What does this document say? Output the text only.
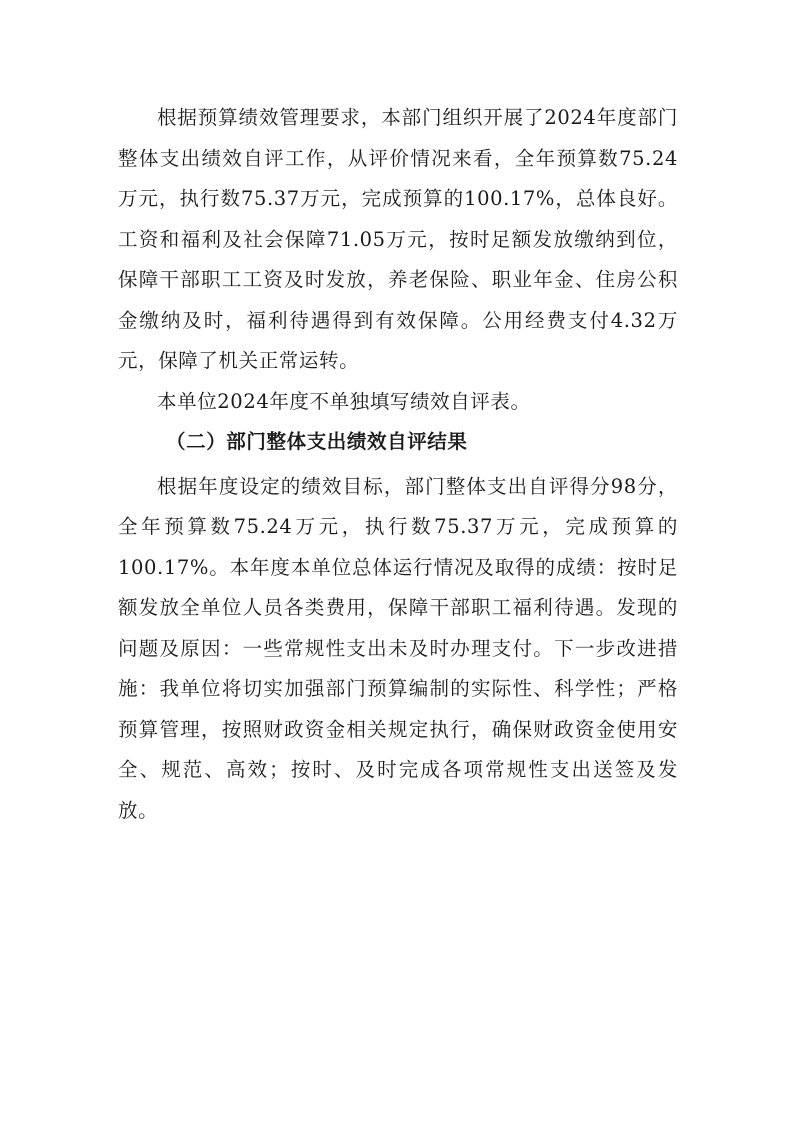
根据预算绩效管理要求，本部门组织开展了2024年度部门整体支出绩效自评工作，从评价情况来看，全年预算数75.24万元，执行数75.37万元，完成预算的100.17%，总体良好。工资和福利及社会保障71.05万元，按时足额发放缴纳到位，保障干部职工工资及时发放，养老保险、职业年金、住房公积金缴纳及时，福利待遇得到有效保障。公用经费支付4.32万元，保障了机关正常运转。

本单位2024年度不单独填写绩效自评表。

（二）部门整体支出绩效自评结果

根据年度设定的绩效目标，部门整体支出自评得分98分，全年预算数75.24万元，执行数75.37万元，完成预算的100.17%。本年度本单位总体运行情况及取得的成绩：按时足额发放全单位人员各类费用，保障干部职工福利待遇。发现的问题及原因：一些常规性支出未及时办理支付。下一步改进措施：我单位将切实加强部门预算编制的实际性、科学性；严格预算管理，按照财政资金相关规定执行，确保财政资金使用安全、规范、高效；按时、及时完成各项常规性支出送签及发放。
